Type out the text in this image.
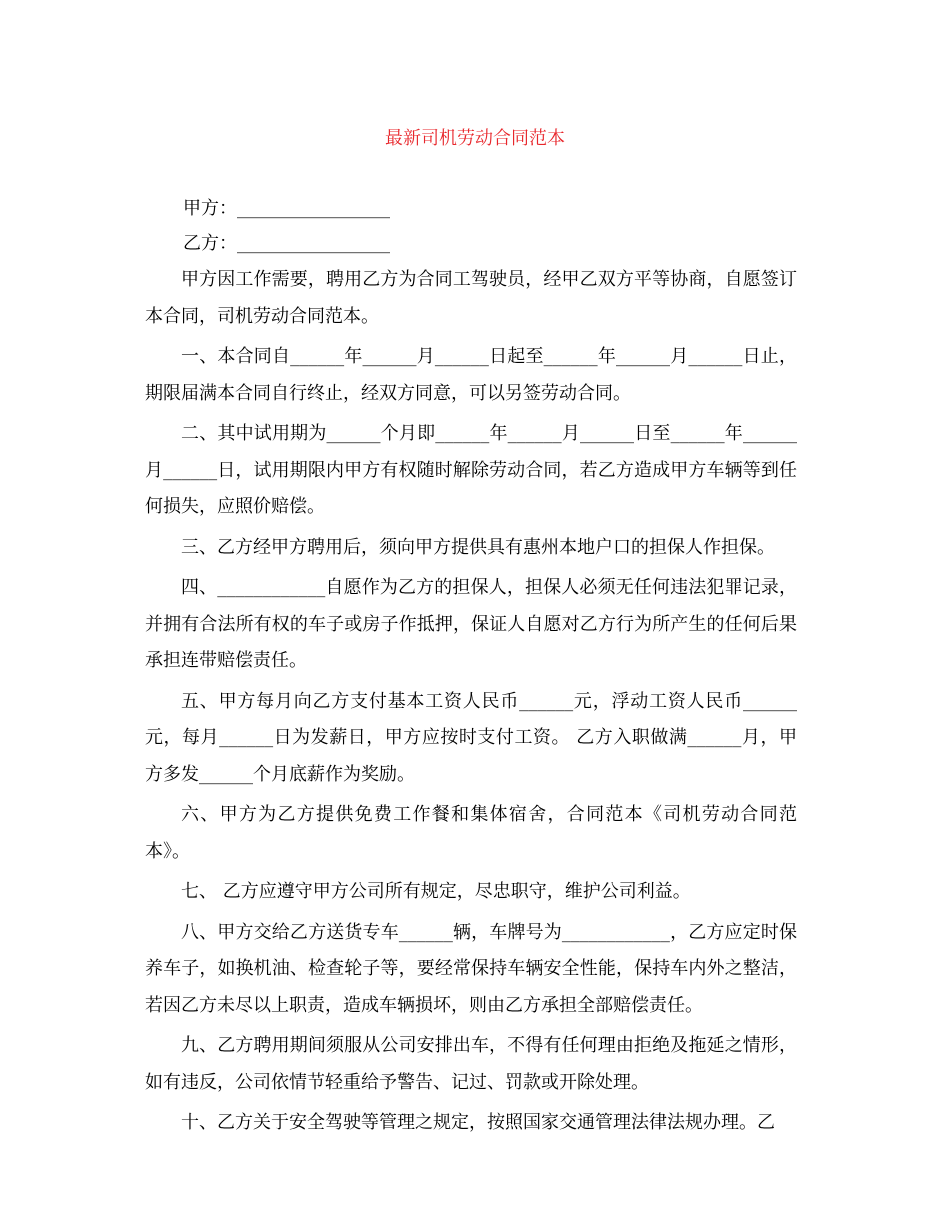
最新司机劳动合同范本
甲方：_________________
乙方：_________________

甲方因工作需要，聘用乙方为合同工驾驶员，经甲乙双方平等协商，自愿签订本合同，司机劳动合同范本。

一、本合同自______年______月______日起至______年______月______日止，期限届满本合同自行终止，经双方同意，可以另签劳动合同。

二、其中试用期为______个月即______年______月______日至______年______月______日，试用期限内甲方有权随时解除劳动合同，若乙方造成甲方车辆等到任何损失，应照价赔偿。

三、乙方经甲方聘用后，须向甲方提供具有惠州本地户口的担保人作担保。

四、____________自愿作为乙方的担保人，担保人必须无任何违法犯罪记录，并拥有合法所有权的车子或房子作抵押，保证人自愿对乙方行为所产生的任何后果承担连带赔偿责任。

五、甲方每月向乙方支付基本工资人民币______元，浮动工资人民币______元，每月______日为发薪日，甲方应按时支付工资。 乙方入职做满______月，甲方多发______个月底薪作为奖励。

六、甲方为乙方提供免费工作餐和集体宿舍，合同范本《司机劳动合同范本》。

七、 乙方应遵守甲方公司所有规定，尽忠职守，维护公司利益。

八、甲方交给乙方送货专车______辆，车牌号为____________，乙方应定时保养车子，如换机油、检查轮子等，要经常保持车辆安全性能，保持车内外之整洁，若因乙方未尽以上职责，造成车辆损坏，则由乙方承担全部赔偿责任。

九、乙方聘用期间须服从公司安排出车，不得有任何理由拒绝及拖延之情形，如有违反，公司依情节轻重给予警告、记过、罚款或开除处理。

十、乙方关于安全驾驶等管理之规定，按照国家交通管理法律法规办理。乙
